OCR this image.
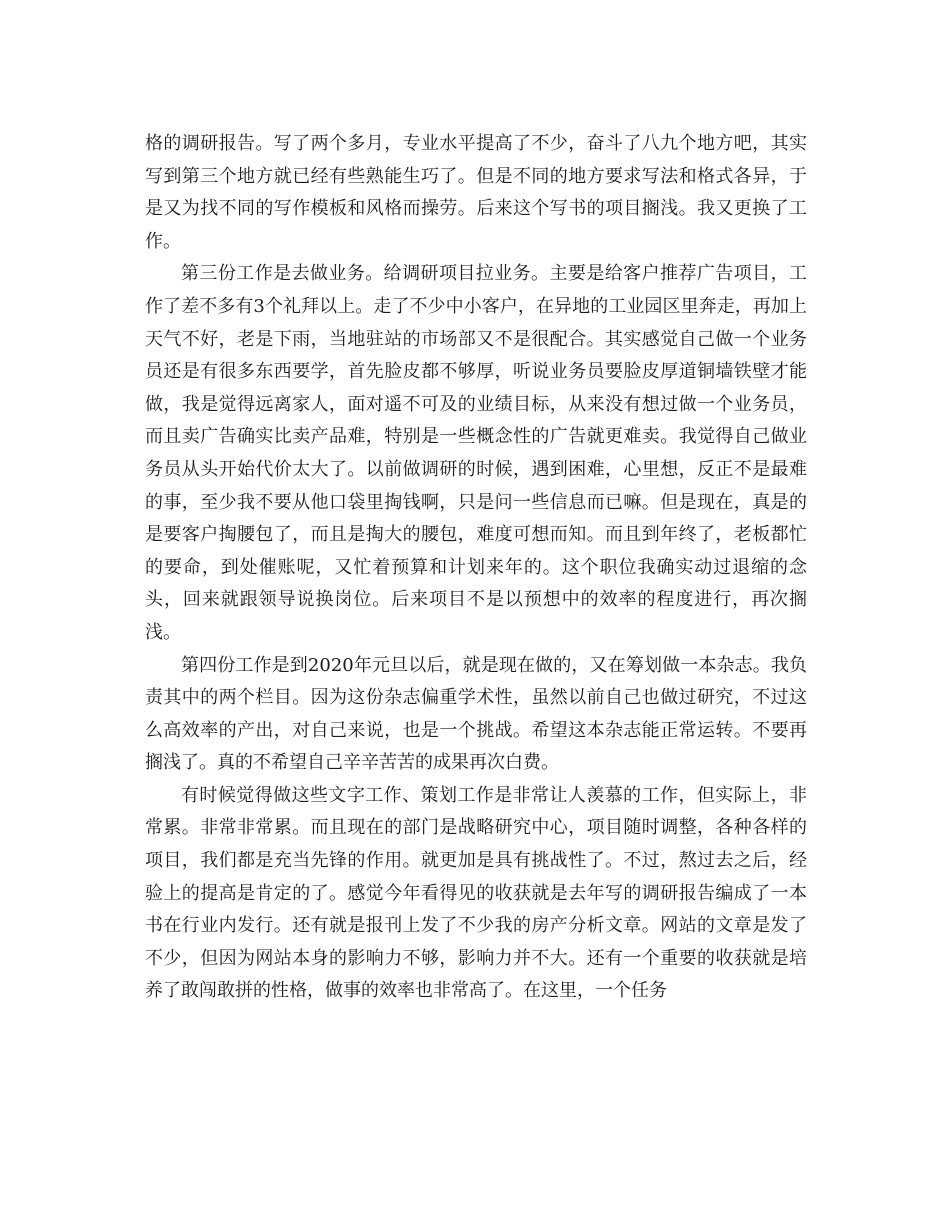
格的调研报告。写了两个多月，专业水平提高了不少，奋斗了八九个地方吧，其实写到第三个地方就已经有些熟能生巧了。但是不同的地方要求写法和格式各异，于是又为找不同的写作模板和风格而操劳。后来这个写书的项目搁浅。我又更换了工作。

第三份工作是去做业务。给调研项目拉业务。主要是给客户推荐广告项目，工作了差不多有3个礼拜以上。走了不少中小客户，在异地的工业园区里奔走，再加上天气不好，老是下雨，当地驻站的市场部又不是很配合。其实感觉自己做一个业务员还是有很多东西要学，首先脸皮都不够厚，听说业务员要脸皮厚道铜墙铁壁才能做，我是觉得远离家人，面对遥不可及的业绩目标，从来没有想过做一个业务员，而且卖广告确实比卖产品难，特别是一些概念性的广告就更难卖。我觉得自己做业务员从头开始代价太大了。以前做调研的时候，遇到困难，心里想，反正不是最难的事，至少我不要从他口袋里掏钱啊，只是问一些信息而已嘛。但是现在，真是的是要客户掏腰包了，而且是掏大的腰包，难度可想而知。而且到年终了，老板都忙的要命，到处催账呢，又忙着预算和计划来年的。这个职位我确实动过退缩的念头，回来就跟领导说换岗位。后来项目不是以预想中的效率的程度进行，再次搁浅。

第四份工作是到2020年元旦以后，就是现在做的，又在筹划做一本杂志。我负责其中的两个栏目。因为这份杂志偏重学术性，虽然以前自己也做过研究，不过这么高效率的产出，对自己来说，也是一个挑战。希望这本杂志能正常运转。不要再搁浅了。真的不希望自己辛辛苦苦的成果再次白费。

有时候觉得做这些文字工作、策划工作是非常让人羡慕的工作，但实际上，非常累。非常非常累。而且现在的部门是战略研究中心，项目随时调整，各种各样的项目，我们都是充当先锋的作用。就更加是具有挑战性了。不过，熬过去之后，经验上的提高是肯定的了。感觉今年看得见的收获就是去年写的调研报告编成了一本书在行业内发行。还有就是报刊上发了不少我的房产分析文章。网站的文章是发了不少，但因为网站本身的影响力不够，影响力并不大。还有一个重要的收获就是培养了敢闯敢拼的性格，做事的效率也非常高了。在这里，一个任务
